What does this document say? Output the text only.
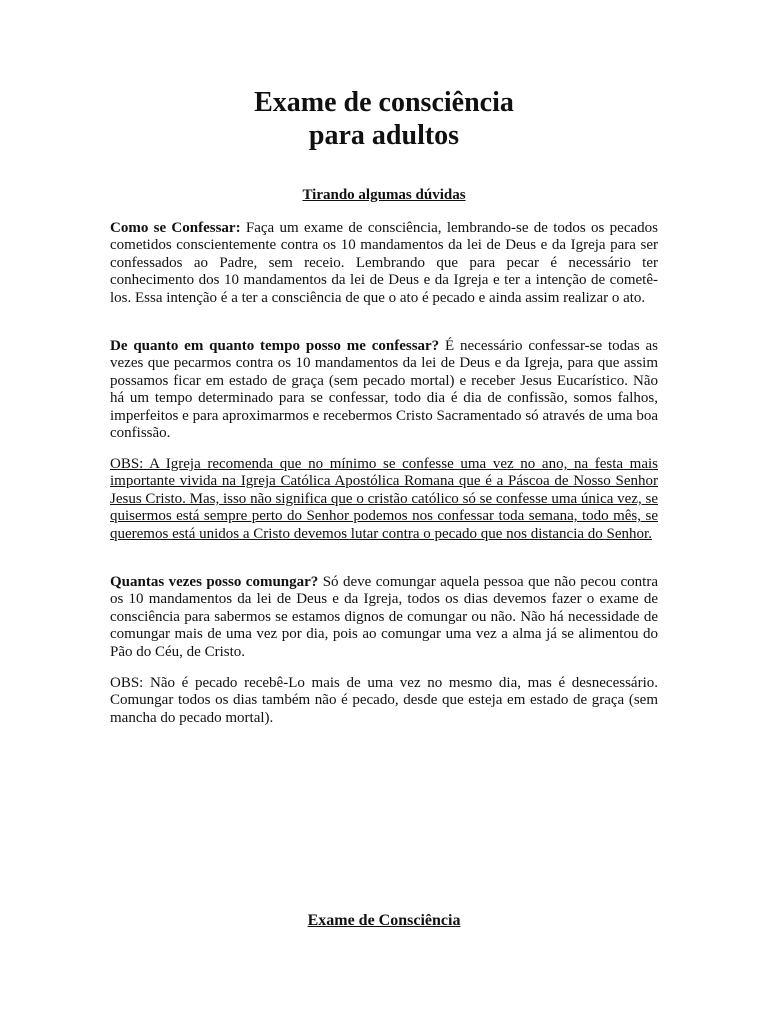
Exame de consciência
para adultos
Tirando algumas dúvidas

Como se Confessar: Faça um exame de consciência, lembrando-se de todos os pecados cometidos conscientemente contra os 10 mandamentos da lei de Deus e da Igreja para ser confessados ao Padre, sem receio. Lembrando que para pecar é necessário ter conhecimento dos 10 mandamentos da lei de Deus e da Igreja e ter a intenção de cometê-los. Essa intenção é a ter a consciência de que o ato é pecado e ainda assim realizar o ato.

De quanto em quanto tempo posso me confessar? É necessário confessar-se todas as vezes que pecarmos contra os 10 mandamentos da lei de Deus e da Igreja, para que assim possamos ficar em estado de graça (sem pecado mortal) e receber Jesus Eucarístico. Não há um tempo determinado para se confessar, todo dia é dia de confissão, somos falhos, imperfeitos e para aproximarmos e recebermos Cristo Sacramentado só através de uma boa confissão.

OBS: A Igreja recomenda que no mínimo se confesse uma vez no ano, na festa mais importante vivida na Igreja Católica Apostólica Romana que é a Páscoa de Nosso Senhor Jesus Cristo. Mas, isso não significa que o cristão católico só se confesse uma única vez, se quisermos está sempre perto do Senhor podemos nos confessar toda semana, todo mês, se queremos está unidos a Cristo devemos lutar contra o pecado que nos distancia do Senhor.

Quantas vezes posso comungar? Só deve comungar aquela pessoa que não pecou contra os 10 mandamentos da lei de Deus e da Igreja, todos os dias devemos fazer o exame de consciência para sabermos se estamos dignos de comungar ou não. Não há necessidade de comungar mais de uma vez por dia, pois ao comungar uma vez a alma já se alimentou do Pão do Céu, de Cristo.

OBS: Não é pecado recebê-Lo mais de uma vez no mesmo dia, mas é desnecessário. Comungar todos os dias também não é pecado, desde que esteja em estado de graça (sem mancha do pecado mortal).

Exame de Consciência
